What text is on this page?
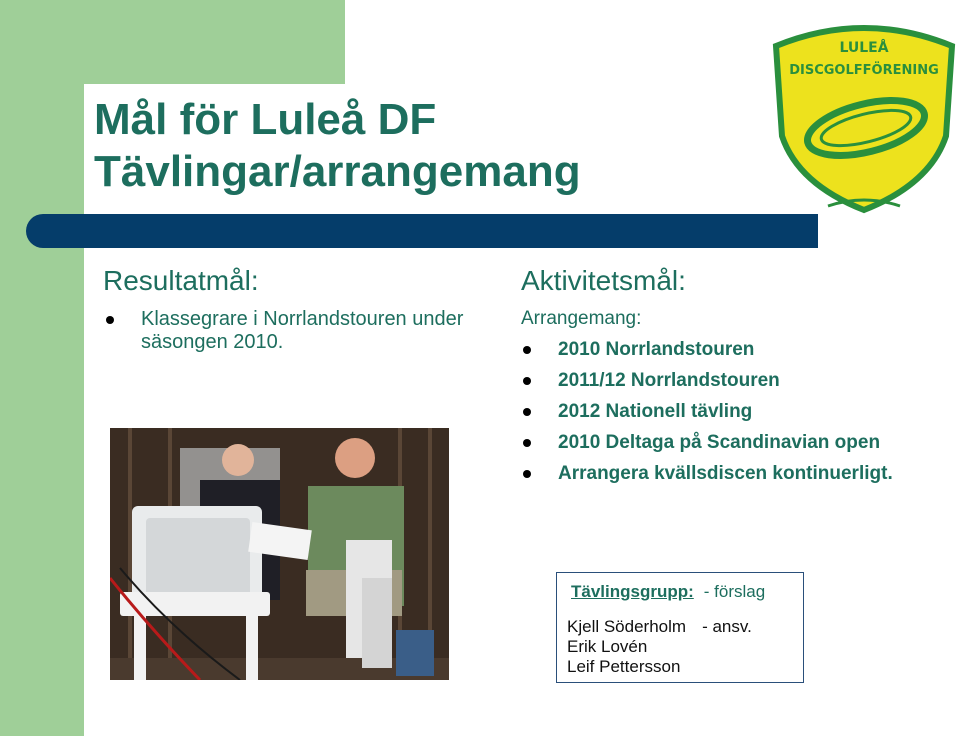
Mål för Luleå DF
Tävlingar/arrangemang
LULEÅ
DISCGOLFFÖRENING
Resultatmål:
Klassegrare i Norrlandstouren under säsongen 2010.
Aktivitetsmål:
Arrangemang:
2010 Norrlandstouren
2011/12 Norrlandstouren
2012 Nationell tävling
2010 Deltaga på Scandinavian open
Arrangera kvällsdiscen kontinuerligt.
Tävlingsgrupp: - förslag
Kjell Söderholm - ansv.
Erik Lovén
Leif Pettersson
